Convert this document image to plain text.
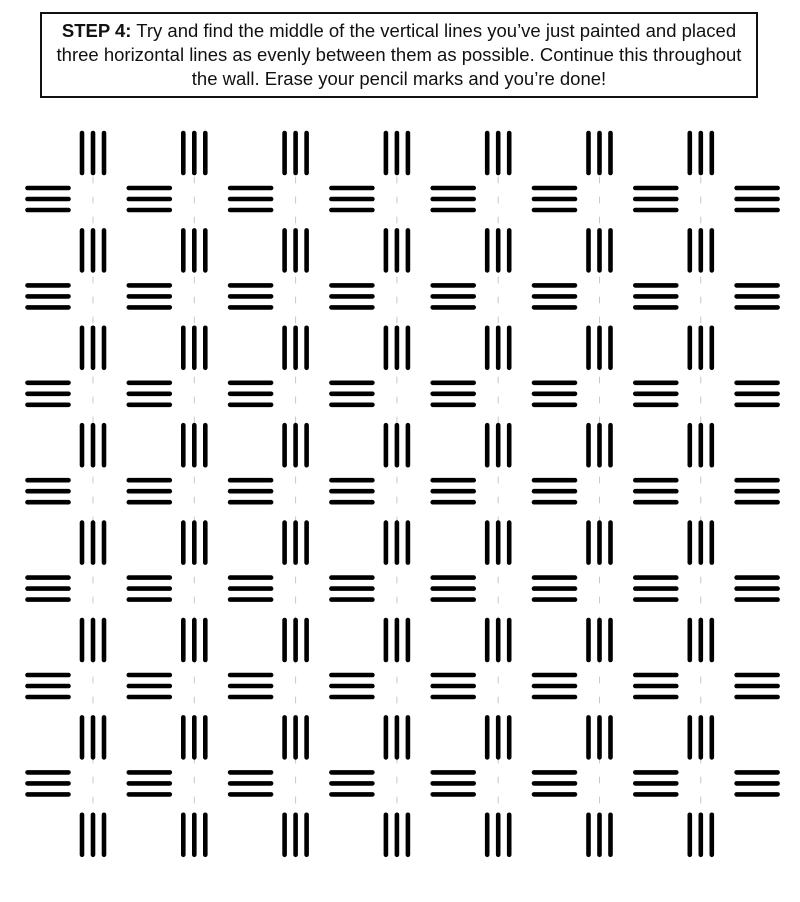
STEP 4: Try and find the middle of the vertical lines you’ve just painted and placed three horizontal lines as evenly between them as possible. Continue this throughout the wall. Erase your pencil marks and you’re done!
